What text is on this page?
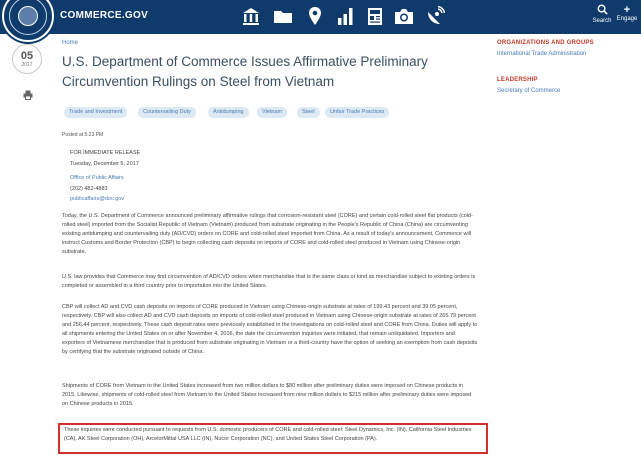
COMMERCE.GOV	Search
+
Engage
05
2017
Home
U.S. Department of Commerce Issues Affirmative Preliminary Circumvention Rulings on Steel from Vietnam
Trade and Investment	Countervailing Duty	Antidumping	Vietnam	Steel	Unfair Trade Practices
Posted at 5:23 PM
FOR IMMEDIATE RELEASE
Tuesday, December 5, 2017
Office of Public Affairs
(202) 482-4883
publicaffairs@doc.gov

Today, the U.S. Department of Commerce announced preliminary affirmative rulings that corrosion-resistant steel (CORE) and certain cold-rolled steel flat products (cold-rolled steel) imported from the Socialist Republic of Vietnam (Vietnam) produced from substrate originating in the People's Republic of China (China) are circumventing existing antidumping and countervailing duty (AD/CVD) orders on CORE and cold-rolled steel imported from China. As a result of today's announcement, Commerce will instruct Customs and Border Protection (CBP) to begin collecting cash deposits on imports of CORE and cold-rolled steel produced in Vietnam using Chinese-origin substrate.

U.S. law provides that Commerce may find circumvention of AD/CVD orders when merchandise that is the same class or kind as merchandise subject to existing orders is completed or assembled in a third country prior to importation into the United States.

CBP will collect AD and CVD cash deposits on imports of CORE produced in Vietnam using Chinese-origin substrate at rates of 199.43 percent and 39.05 percent, respectively. CBP will also collect AD and CVD cash deposits on imports of cold-rolled steel produced in Vietnam using Chinese-origin substrate at rates of 265.79 percent and 256.44 percent, respectively. These cash deposit rates were previously established in the investigations on cold-rolled steel and CORE from China. Duties will apply to all shipments entering the United States on or after November 4, 2016, the date the circumvention inquiries were initiated, that remain unliquidated. Importers and exporters of Vietnamese merchandise that is produced from substrate originating in Vietnam or a third-country have the option of seeking an exemption from cash deposits by certifying that the substrate originated outside of China.

Shipments of CORE from Vietnam to the United States increased from two million dollars to $80 million after preliminary duties were imposed on Chinese products in 2015. Likewise, shipments of cold-rolled steel from Vietnam to the United States increased from nine million dollars to $215 million after preliminary duties were imposed on Chinese products in 2015.

These inquiries were conducted pursuant to requests from U.S. domestic producers of CORE and cold-rolled steel: Steel Dynamics, Inc. (IN), California Steel Industries (CA), AK Steel Corporation (OH), ArcelorMittal USA LLC (IN), Nucor Corporation (NC), and United States Steel Corporation (PA).

ORGANIZATIONS AND GROUPS
International Trade Administration
LEADERSHIP
Secretary of Commerce
